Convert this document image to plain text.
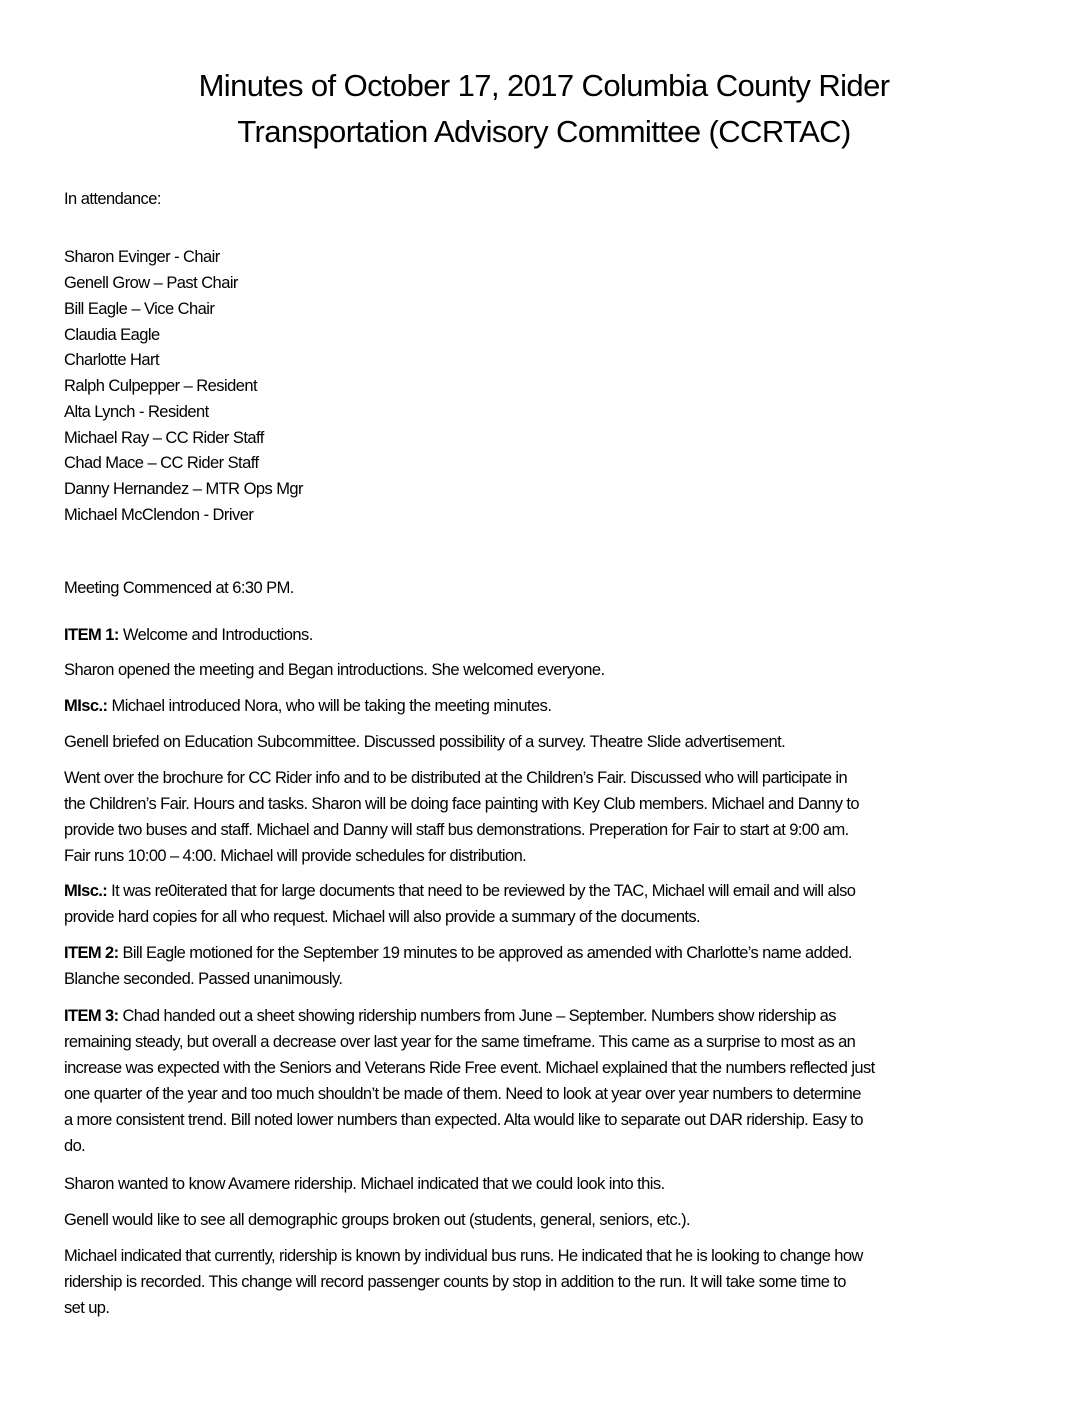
Minutes of October 17, 2017 Columbia County Rider
Transportation Advisory Committee (CCRTAC)
In attendance:
Sharon Evinger - Chair
Genell Grow – Past Chair
Bill Eagle – Vice Chair
Claudia Eagle
Charlotte Hart
Ralph Culpepper – Resident
Alta Lynch - Resident
Michael Ray – CC Rider Staff
Chad Mace – CC Rider Staff
Danny Hernandez – MTR Ops Mgr
Michael McClendon - Driver
Meeting Commenced at 6:30 PM.
ITEM 1: Welcome and Introductions.
Sharon opened the meeting and Began introductions. She welcomed everyone.
MIsc.: Michael introduced Nora, who will be taking the meeting minutes.
Genell briefed on Education Subcommittee. Discussed possibility of a survey. Theatre Slide advertisement.
Went over the brochure for CC Rider info and to be distributed at the Children’s Fair. Discussed who will participate in
the Children’s Fair. Hours and tasks. Sharon will be doing face painting with Key Club members. Michael and Danny to
provide two buses and staff. Michael and Danny will staff bus demonstrations. Preperation for Fair to start at 9:00 am.
Fair runs 10:00 – 4:00. Michael will provide schedules for distribution.
MIsc.: It was re0iterated that for large documents that need to be reviewed by the TAC, Michael will email and will also
provide hard copies for all who request. Michael will also provide a summary of the documents.
ITEM 2: Bill Eagle motioned for the September 19 minutes to be approved as amended with Charlotte’s name added.
Blanche seconded. Passed unanimously.
ITEM 3: Chad handed out a sheet showing ridership numbers from June – September. Numbers show ridership as
remaining steady, but overall a decrease over last year for the same timeframe. This came as a surprise to most as an
increase was expected with the Seniors and Veterans Ride Free event. Michael explained that the numbers reflected just
one quarter of the year and too much shouldn’t be made of them. Need to look at year over year numbers to determine
a more consistent trend. Bill noted lower numbers than expected. Alta would like to separate out DAR ridership. Easy to
do.
Sharon wanted to know Avamere ridership. Michael indicated that we could look into this.
Genell would like to see all demographic groups broken out (students, general, seniors, etc.).
Michael indicated that currently, ridership is known by individual bus runs. He indicated that he is looking to change how
ridership is recorded. This change will record passenger counts by stop in addition to the run. It will take some time to
set up.
